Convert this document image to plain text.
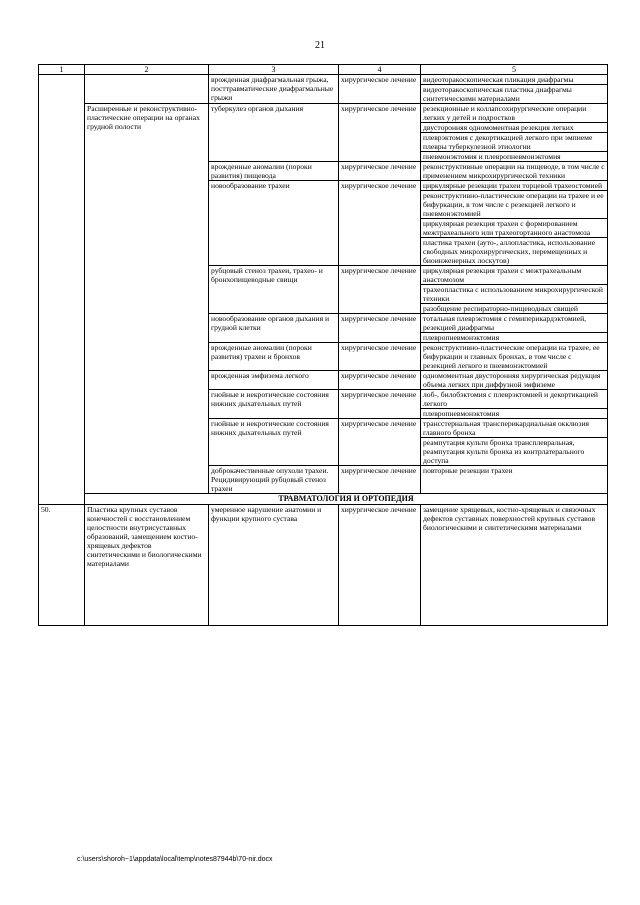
21
1	2	3	4	5
		врожденная диафрагмальная грыжа, посттравматические диафрагмальные грыжи	хирургическое лечение	видеоторакоскопическая пликация диафрагмы
видеоторакоскопическая пластика диафрагмы синтетическими материалами

	Расширенные и реконструктивно-пластические операции на органах грудной полости	туберкулез органов дыхания	хирургическое лечение	резекционные и коллапсохирургические операции легких у детей и подростков
двусторонняя одномоментная резекция легких
плеврэктомия с декортикацией легкого при эмпиеме плевры туберкулезной этиологии
пневмонэктомия и плевропневмонэктомия

		врожденные аномалии (пороки развития) пищевода	хирургическое лечение	реконструктивные операции на пищеводе, в том числе с применением микрохирургической техники

		новообразование трахеи	хирургическое лечение	циркулярные резекции трахеи торцевой трахеостомией
реконструктивно-пластические операции на трахее и ее бифуркации, в том числе с резекцией легкого и пневмонэктомией
циркулярная резекция трахеи с формированием межтрахеального или трахеогортанного анастомоза
пластика трахеи (ауто-, аллопластика, использование свободных микрохирургических, перемещенных и биоинженерных лоскутов)

		рубцовый стеноз трахеи, трахео- и бронхопищеводные свищи	хирургическое лечение	циркулярная резекция трахеи с межтрахеальным анастомозом
трахеопластика с использованием микрохирургической техники
разобщение респираторно-пищеводных свищей

		новообразование органов дыхания и грудной клетки	хирургическое лечение	тотальная плеврэктомия с гемиперикардэктомией, резекцией диафрагмы
плевропневмонэктомия

		врожденные аномалии (пороки развития) трахеи и бронхов	хирургическое лечение	реконструктивно-пластические операции на трахее, ее бифуркации и главных бронхах, в том числе с резекцией легкого и пневмонэктомией

		врожденная эмфизема легкого	хирургическое лечение	одномоментная двусторонняя хирургическая редукция объема легких при диффузной эмфиземе

		гнойные и некротические состояния нижних дыхательных путей	хирургическое лечение	лоб-, билобэктомия с плеврэктомией и декортикацией легкого
плевропневмонэктомия

		гнойные и некротические состояния нижних дыхательных путей	хирургическое лечение	трансстернальная трансперикардиальная окклюзия главного бронха
реампутация культи бронха трансплевральная, реампутация культи бронха из контрлатерального доступа

		доброкачественные опухоли трахеи. Рецидивирующий рубцовый стеноз трахеи	хирургическое лечение	повторные резекции трахеи

	ТРАВМАТОЛОГИЯ И ОРТОПЕДИЯ			
50.	Пластика крупных суставов конечностей с восстановлением целостности внутрисуставных образований, замещением костно-хрящевых дефектов синтетическими и биологическими материалами	умеренное нарушение анатомии и функции крупного сустава	хирургическое лечение	замещение хрящевых, костно-хрящевых и связочных дефектов суставных поверхностей крупных суставов биологическими и синтетическими материалами
c:\users\shoroh~1\appdata\local\temp\notes87944b\70-nir.docx
